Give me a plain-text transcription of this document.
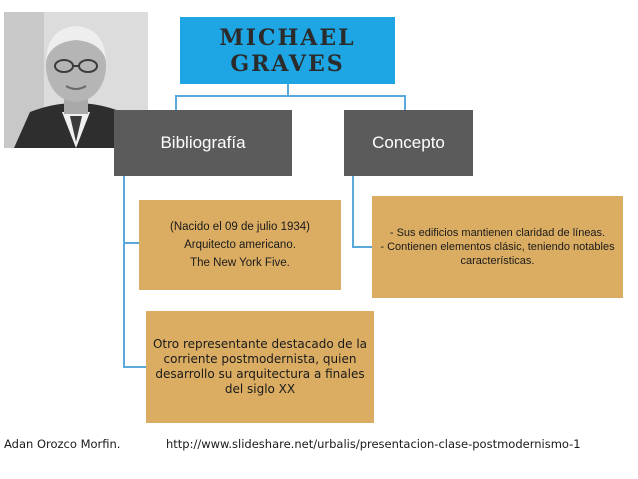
MICHAEL
GRAVES
Bibliografía	Concepto
(Nacido el 09 de julio 1934)
Arquitecto americano.
The New York Five.
Otro representante destacado de la corriente postmodernista, quien desarrollo su arquitectura a finales del siglo XX
- Sus edificios mantienen claridad de líneas.
- Contienen elementos clásic, teniendo notables características.
Adan Orozco Morfin.	http://www.slideshare.net/urbalis/presentacion-clase-postmodernismo-1
